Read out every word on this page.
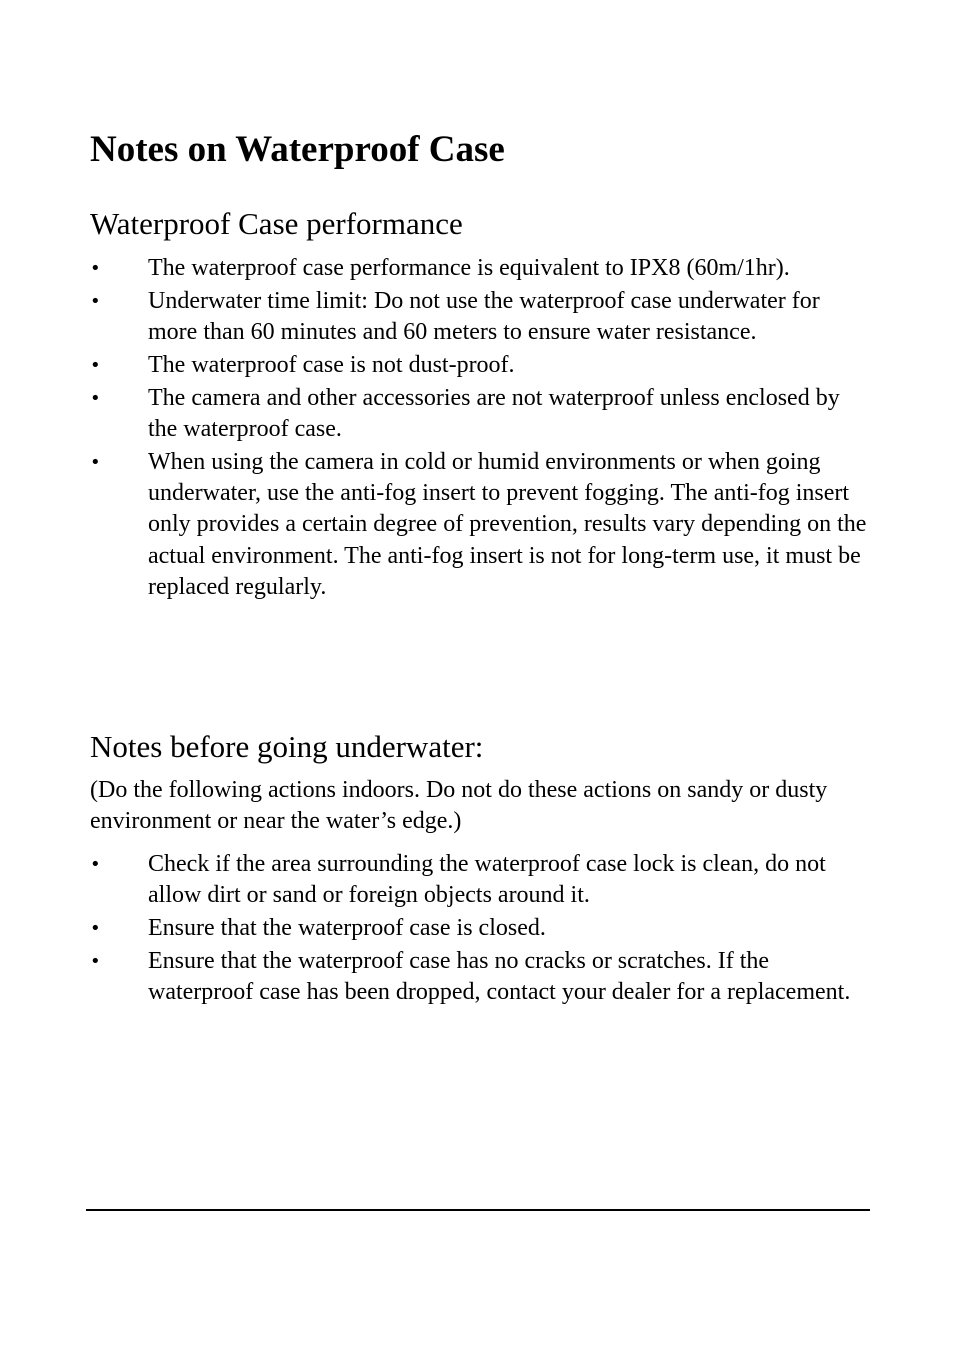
Notes on Waterproof Case
Waterproof Case performance
• The waterproof case performance is equivalent to IPX8 (60m/1hr).
• Underwater time limit: Do not use the waterproof case underwater for more than 60 minutes and 60 meters to ensure water resistance.
• The waterproof case is not dust-proof.
• The camera and other accessories are not waterproof unless enclosed by the waterproof case.
• When using the camera in cold or humid environments or when going underwater, use the anti-fog insert to prevent fogging. The anti-fog insert only provides a certain degree of prevention, results vary depending on the actual environment. The anti-fog insert is not for long-term use, it must be replaced regularly.
Notes before going underwater:

(Do the following actions indoors. Do not do these actions on sandy or dusty environment or near the water’s edge.)

• Check if the area surrounding the waterproof case lock is clean, do not allow dirt or sand or foreign objects around it.
• Ensure that the waterproof case is closed.
• Ensure that the waterproof case has no cracks or scratches. If the waterproof case has been dropped, contact your dealer for a replacement.
